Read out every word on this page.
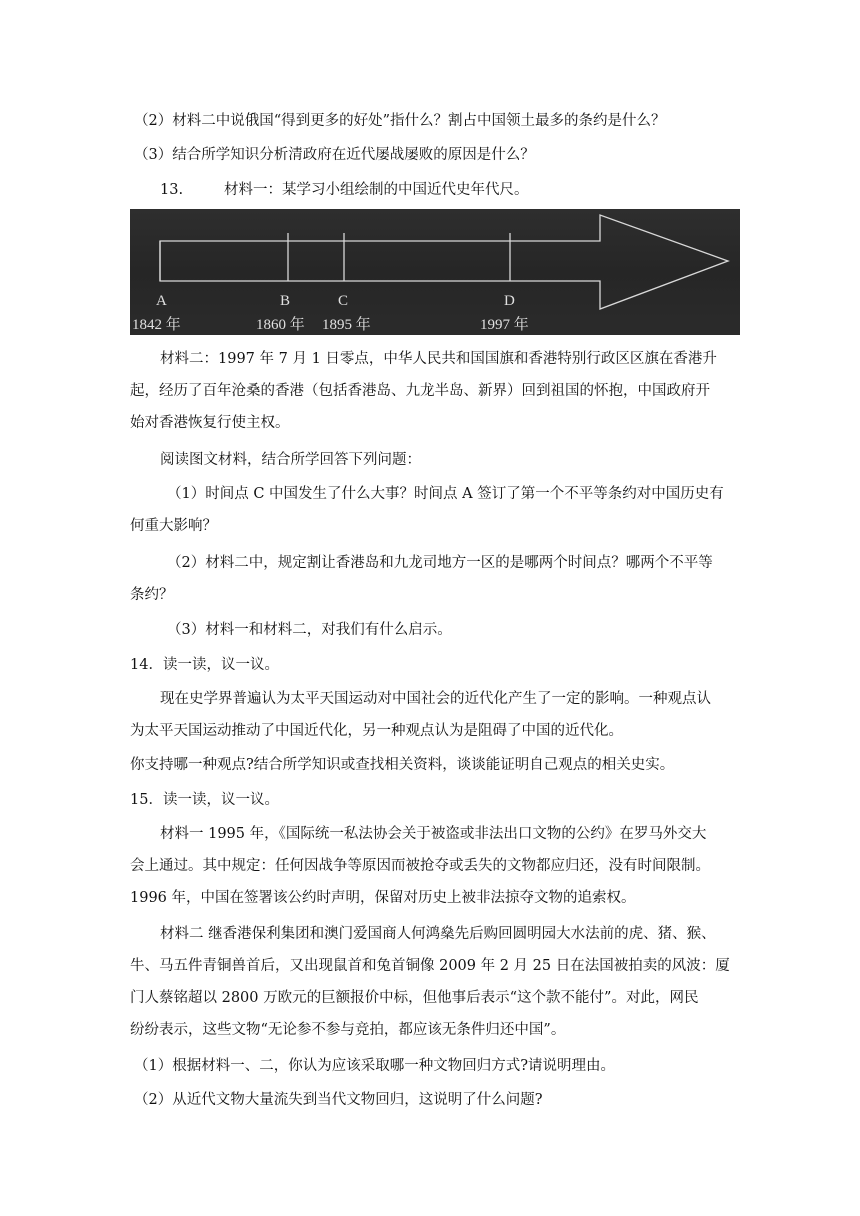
（2）材料二中说俄国“得到更多的好处”指什么？割占中国领土最多的条约是什么？
（3）结合所学知识分析清政府在近代屡战屡败的原因是什么？
13.	材料一：某学习小组绘制的中国近代史年代尺。
A	B	C	D
1842 年	1860 年 1895 年	1997 年
材料二：1997 年 7 月 1 日零点，中华人民共和国国旗和香港特别行政区区旗在香港升
起，经历了百年沧桑的香港（包括香港岛、九龙半岛、新界）回到祖国的怀抱，中国政府开
始对香港恢复行使主权。
阅读图文材料，结合所学回答下列问题：
（1）时间点 C 中国发生了什么大事？时间点 A 签订了第一个不平等条约对中国历史有
何重大影响？
（2）材料二中，规定割让香港岛和九龙司地方一区的是哪两个时间点？哪两个不平等
条约？
（3）材料一和材料二，对我们有什么启示。
14．读一读，议一议。
现在史学界普遍认为太平天国运动对中国社会的近代化产生了一定的影响。一种观点认
为太平天国运动推动了中国近代化，另一种观点认为是阻碍了中国的近代化。
你支持哪一种观点?结合所学知识或查找相关资料，谈谈能证明自己观点的相关史实。
15．读一读，议一议。
材料一 1995 年，《国际统一私法协会关于被盗或非法出口文物的公约》在罗马外交大
会上通过。其中规定：任何因战争等原因而被抢夺或丢失的文物都应归还，没有时间限制。
1996 年，中国在签署该公约时声明，保留对历史上被非法掠夺文物的追索权。
材料二 继香港保利集团和澳门爱国商人何鸿燊先后购回圆明园大水法前的虎、猪、猴、
牛、马五件青铜兽首后，又出现鼠首和兔首铜像 2009 年 2 月 25 日在法国被拍卖的风波：厦
门人蔡铭超以 2800 万欧元的巨额报价中标，但他事后表示“这个款不能付”。对此，网民
纷纷表示，这些文物“无论参不参与竞拍，都应该无条件归还中国”。
（1）根据材料一、二，你认为应该采取哪一种文物回归方式?请说明理由。
（2）从近代文物大量流失到当代文物回归，这说明了什么问题?
